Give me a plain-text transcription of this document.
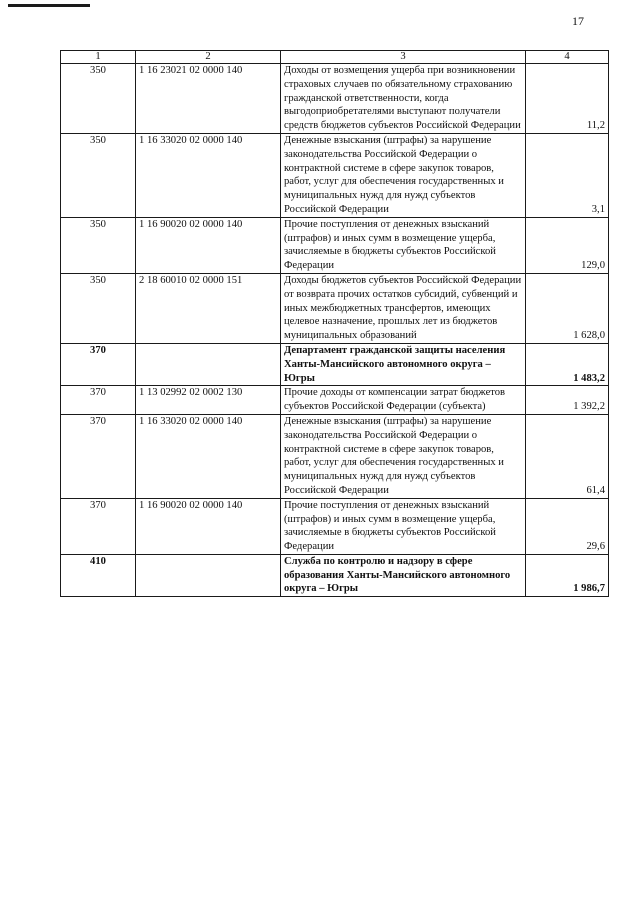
17
1	2	3	4
350	1 16 23021 02 0000 140	Доходы от возмещения ущерба при возникновении страховых случаев по обязательному страхованию гражданской ответственности, когда выгодоприобретателями выступают получатели средств бюджетов субъектов Российской Федерации	11,2
350	1 16 33020 02 0000 140	Денежные взыскания (штрафы) за нарушение законодательства Российской Федерации о контрактной системе в сфере закупок товаров, работ, услуг для обеспечения государственных и муниципальных нужд для нужд субъектов Российской Федерации	3,1
350	1 16 90020 02 0000 140	Прочие поступления от денежных взысканий (штрафов) и иных сумм в возмещение ущерба, зачисляемые в бюджеты субъектов Российской Федерации	129,0
350	2 18 60010 02 0000 151	Доходы бюджетов субъектов Российской Федерации от возврата прочих остатков субсидий, субвенций и иных межбюджетных трансфертов, имеющих целевое назначение, прошлых лет из бюджетов муниципальных образований	1 628,0
370		Департамент гражданской защиты населения Ханты-Мансийского автономного округа – Югры	1 483,2
370	1 13 02992 02 0002 130	Прочие доходы от компенсации затрат бюджетов субъектов Российской Федерации (субъекта)	1 392,2
370	1 16 33020 02 0000 140	Денежные взыскания (штрафы) за нарушение законодательства Российской Федерации о контрактной системе в сфере закупок товаров, работ, услуг для обеспечения государственных и муниципальных нужд для нужд субъектов Российской Федерации	61,4
370	1 16 90020 02 0000 140	Прочие поступления от денежных взысканий (штрафов) и иных сумм в возмещение ущерба, зачисляемые в бюджеты субъектов Российской Федерации	29,6
410		Служба по контролю и надзору в сфере образования Ханты-Мансийского автономного округа – Югры	1 986,7
